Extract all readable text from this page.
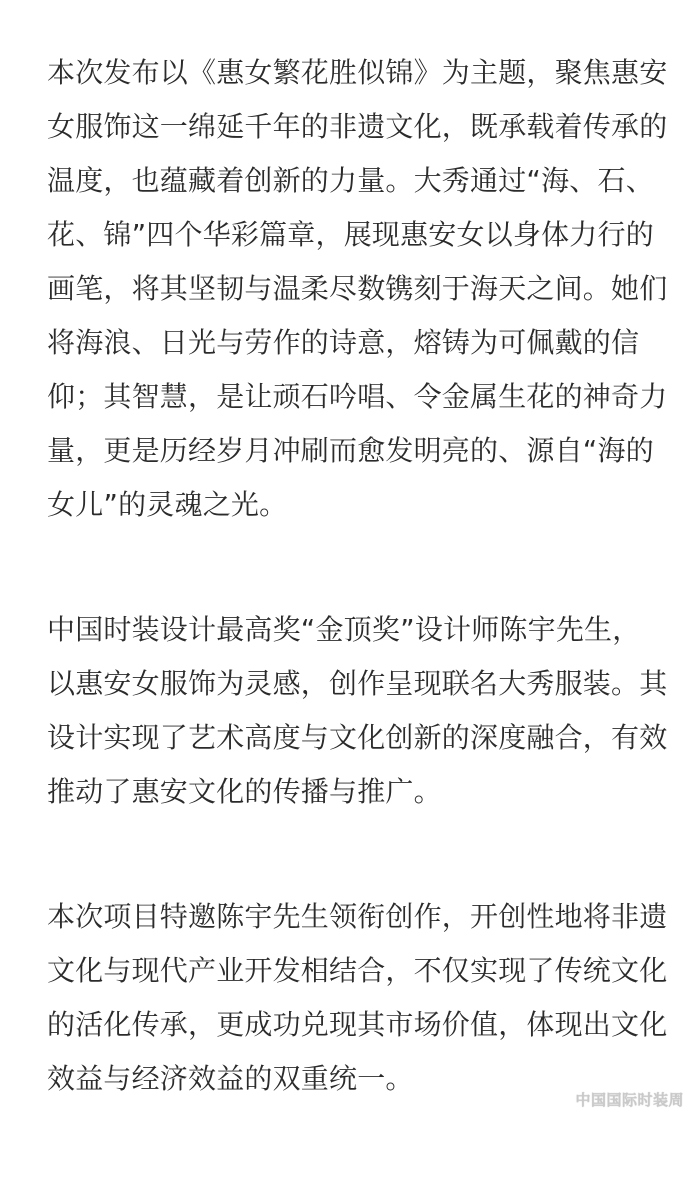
本次发布以《惠女繁花胜似锦》为主题，聚焦惠安
女服饰这一绵延千年的非遗文化，既承载着传承的
温度，也蕴藏着创新的力量。大秀通过“海、石、
花、锦”四个华彩篇章，展现惠安女以身体力行的
画笔，将其坚韧与温柔尽数镌刻于海天之间。她们
将海浪、日光与劳作的诗意，熔铸为可佩戴的信
仰；其智慧，是让顽石吟唱、令金属生花的神奇力
量，更是历经岁月冲刷而愈发明亮的、源自“海的
女儿”的灵魂之光。

中国时装设计最高奖“金顶奖”设计师陈宇先生，
以惠安女服饰为灵感，创作呈现联名大秀服装。其
设计实现了艺术高度与文化创新的深度融合，有效
推动了惠安文化的传播与推广。

本次项目特邀陈宇先生领衔创作，开创性地将非遗
文化与现代产业开发相结合，不仅实现了传统文化
的活化传承，更成功兑现其市场价值，体现出文化
效益与经济效益的双重统一。

中国国际时装周
